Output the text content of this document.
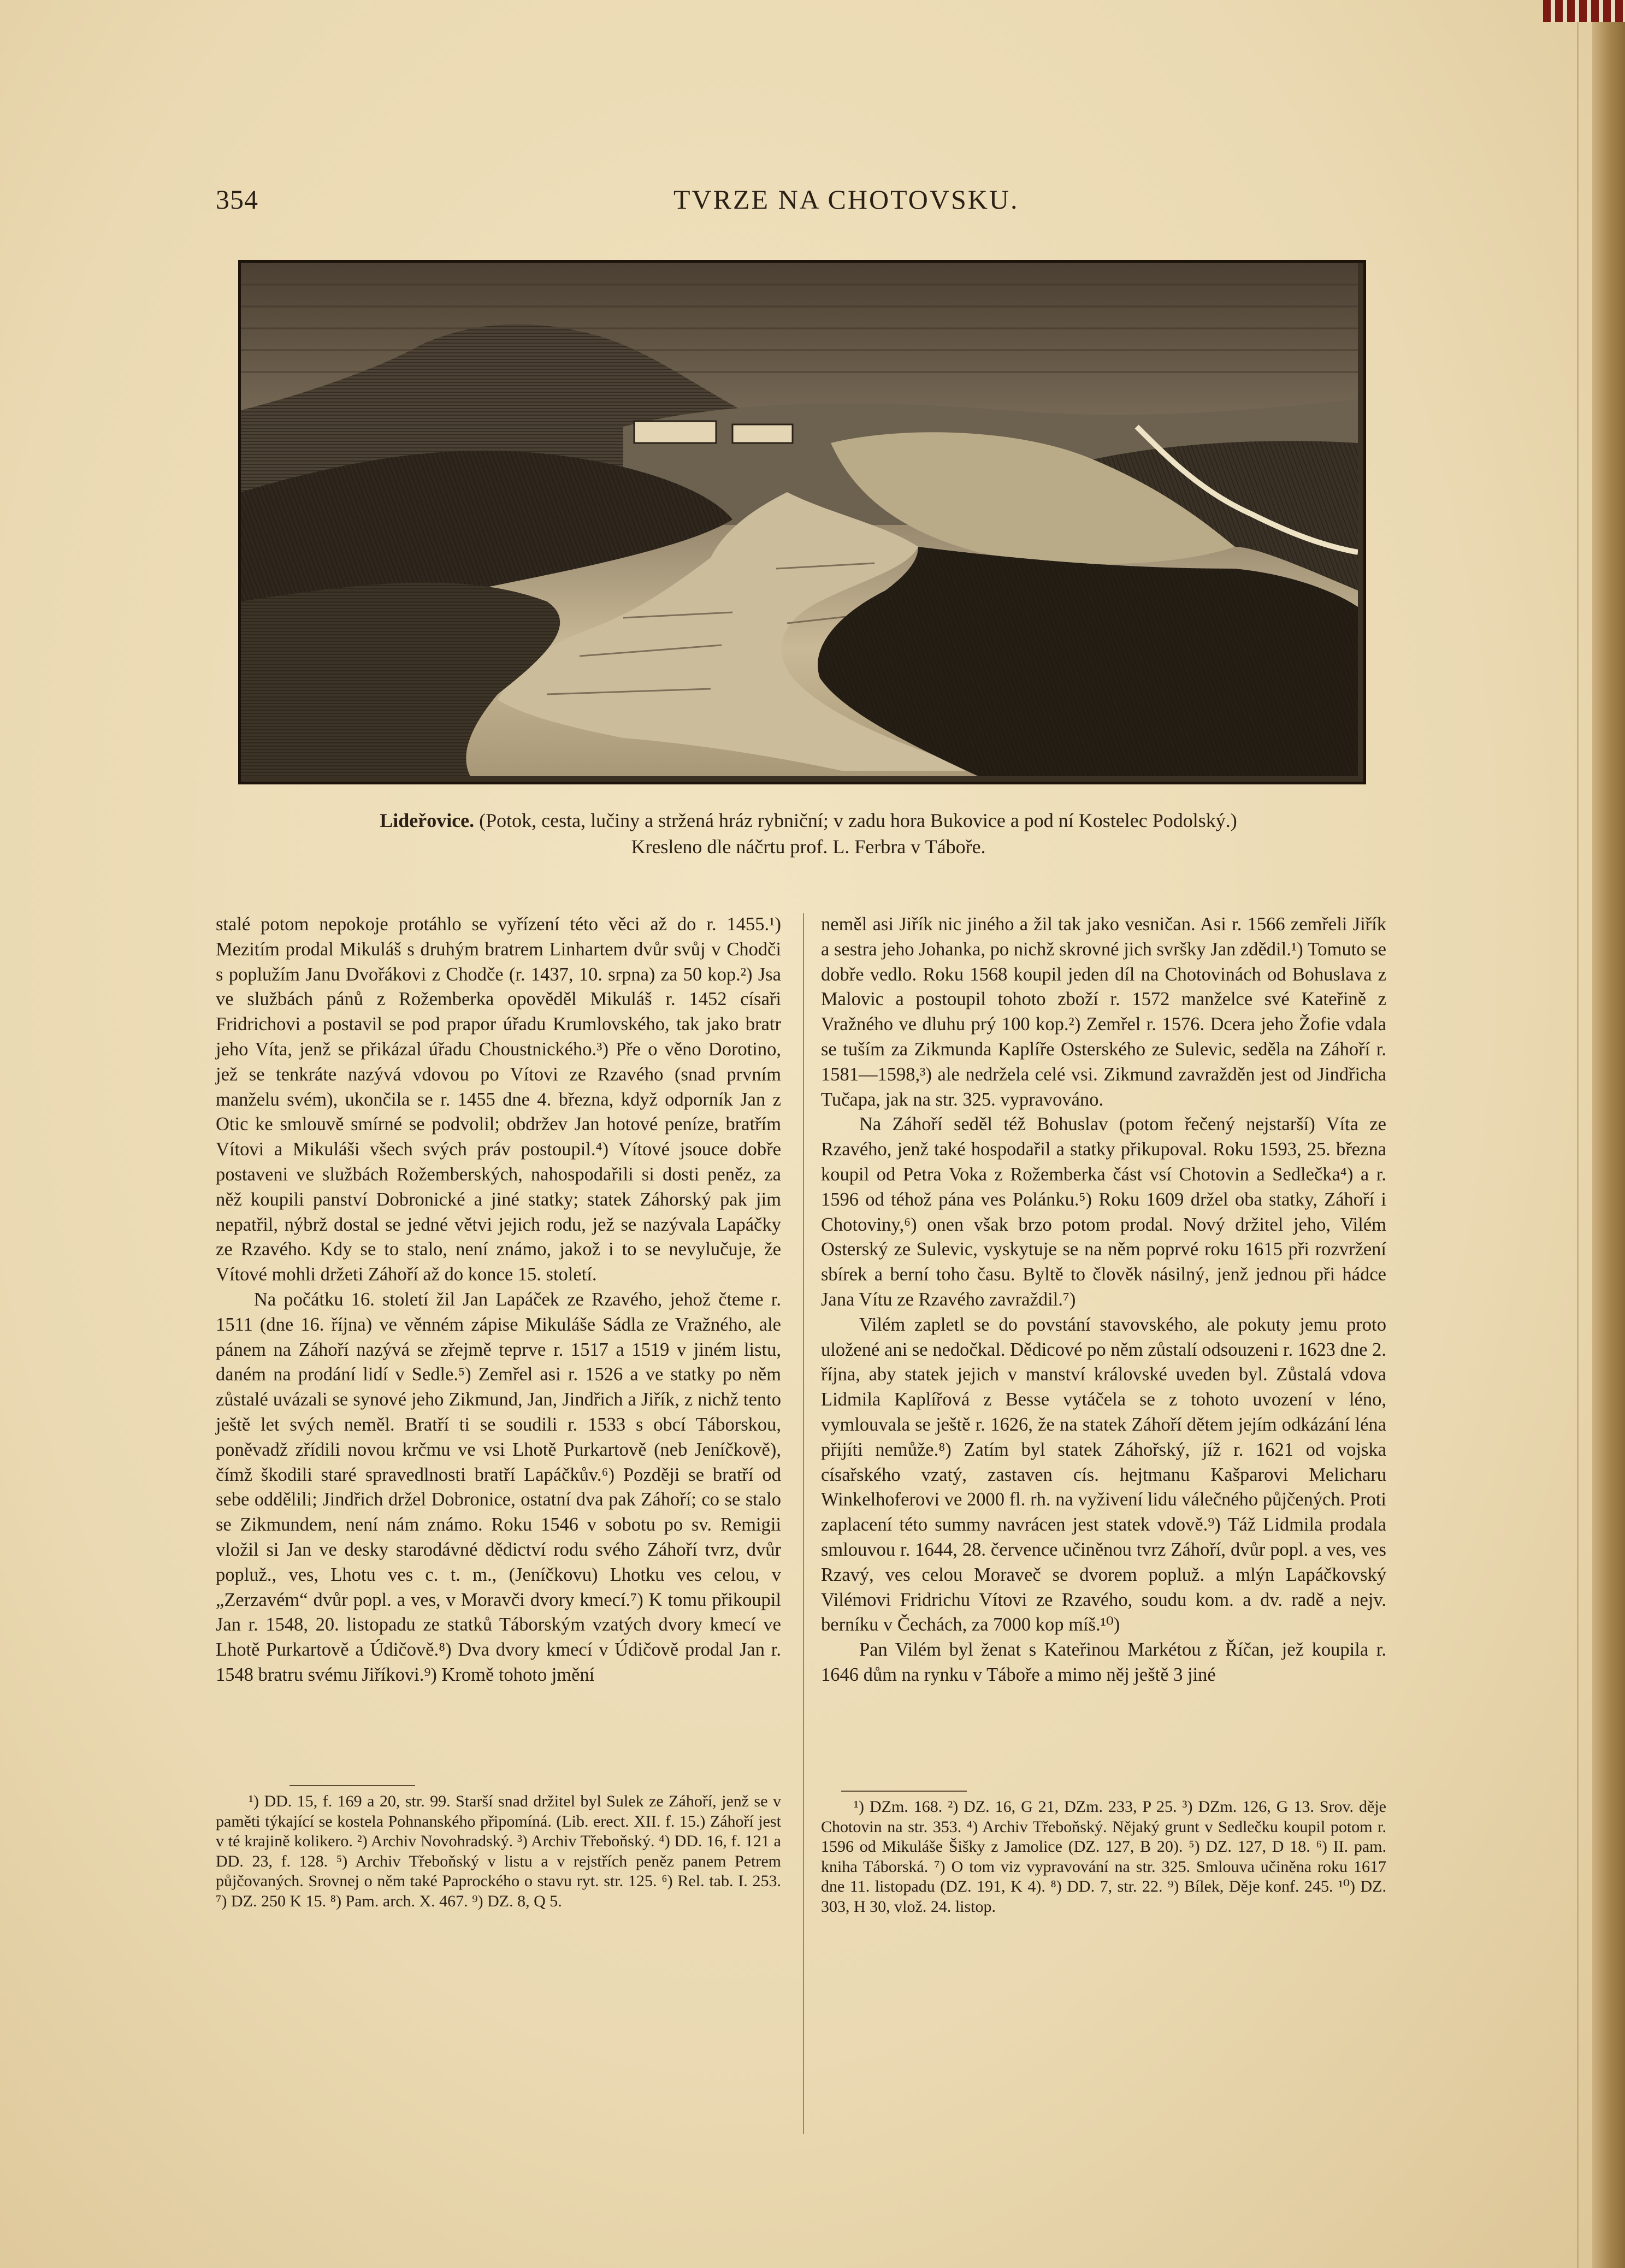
354	TVRZE NA CHOTOVSKU.
Lideřovice. (Potok, cesta, lučiny a stržená hráz rybniční; v zadu hora Bukovice a pod ní Kostelec Podolský.)
Kresleno dle náčrtu prof. L. Ferbra v Táboře.

stalé potom nepokoje protáhlo se vyřízení této věci až do r. 1455.¹) Mezitím prodal Mikuláš s druhým bratrem Linhartem dvůr svůj v Chodči s poplužím Janu Dvořákovi z Chodče (r. 1437, 10. srpna) za 50 kop.²) Jsa ve službách pánů z Rožemberka opověděl Mikuláš r. 1452 císaři Fridrichovi a postavil se pod prapor úřadu Krumlovského, tak jako bratr jeho Víta, jenž se přikázal úřadu Choustnického.³) Pře o věno Dorotino, jež se tenkráte nazývá vdovou po Vítovi ze Rzavého (snad prvním manželu svém), ukončila se r. 1455 dne 4. března, když odporník Jan z Otic ke smlouvě smírné se podvolil; obdržev Jan hotové peníze, bratřím Vítovi a Mikuláši všech svých práv postoupil.⁴) Vítové jsouce dobře postaveni ve službách Rožemberských, nahospodařili si dosti peněz, za něž koupili panství Dobronické a jiné statky; statek Záhorský pak jim nepatřil, nýbrž dostal se jedné větvi jejich rodu, jež se nazývala Lapáčky ze Rzavého. Kdy se to stalo, není známo, jakož i to se nevylučuje, že Vítové mohli držeti Záhoří až do konce 15. století.

Na počátku 16. století žil Jan Lapáček ze Rzavého, jehož čteme r. 1511 (dne 16. října) ve věnném zápise Mikuláše Sádla ze Vražného, ale pánem na Záhoří nazývá se zřejmě teprve r. 1517 a 1519 v jiném listu, daném na prodání lidí v Sedle.⁵) Zemřel asi r. 1526 a ve statky po něm zůstalé uvázali se synové jeho Zikmund, Jan, Jindřich a Jiřík, z nichž tento ještě let svých neměl. Bratří ti se soudili r. 1533 s obcí Táborskou, poněvadž zřídili novou krčmu ve vsi Lhotě Purkartově (neb Jeníčkově), čímž škodili staré spravedlnosti bratří Lapáčkův.⁶) Později se bratří od sebe oddělili; Jindřich držel Dobronice, ostatní dva pak Záhoří; co se stalo se Zikmundem, není nám známo. Roku 1546 v sobotu po sv. Remigii vložil si Jan ve desky starodávné dědictví rodu svého Záhoří tvrz, dvůr popluž., ves, Lhotu ves c. t. m., (Jeníčkovu) Lhotku ves celou, v „Zerzavém“ dvůr popl. a ves, v Moravči dvory kmecí.⁷) K tomu přikoupil Jan r. 1548, 20. listopadu ze statků Táborským vzatých dvory kmecí ve Lhotě Purkartově a Údičově.⁸) Dva dvory kmecí v Údičově prodal Jan r. 1548 bratru svému Jiříkovi.⁹) Kromě tohoto jmění

neměl asi Jiřík nic jiného a žil tak jako vesničan. Asi r. 1566 zemřeli Jiřík a sestra jeho Johanka, po nichž skrovné jich svršky Jan zdědil.¹) Tomuto se dobře vedlo. Roku 1568 koupil jeden díl na Chotovinách od Bohuslava z Malovic a postoupil tohoto zboží r. 1572 manželce své Kateřině z Vražného ve dluhu prý 100 kop.²) Zemřel r. 1576. Dcera jeho Žofie vdala se tuším za Zikmunda Kaplíře Osterského ze Sulevic, seděla na Záhoří r. 1581—1598,³) ale nedržela celé vsi. Zikmund zavražděn jest od Jindřicha Tučapa, jak na str. 325. vypravováno.

Na Záhoří seděl též Bohuslav (potom řečený nejstarší) Víta ze Rzavého, jenž také hospodařil a statky přikupoval. Roku 1593, 25. března koupil od Petra Voka z Rožemberka část vsí Chotovin a Sedlečka⁴) a r. 1596 od téhož pána ves Polánku.⁵) Roku 1609 držel oba statky, Záhoří i Chotoviny,⁶) onen však brzo potom prodal. Nový držitel jeho, Vilém Osterský ze Sulevic, vyskytuje se na něm poprvé roku 1615 při rozvržení sbírek a berní toho času. Byltě to člověk násilný, jenž jednou při hádce Jana Vítu ze Rzavého zavraždil.⁷)

Vilém zapletl se do povstání stavovského, ale pokuty jemu proto uložené ani se nedočkal. Dědicové po něm zůstalí odsouzeni r. 1623 dne 2. října, aby statek jejich v manství královské uveden byl. Zůstalá vdova Lidmila Kaplířová z Besse vytáčela se z tohoto uvození v léno, vymlouvala se ještě r. 1626, že na statek Záhoří dětem jejím odkázání léna přijíti nemůže.⁸) Zatím byl statek Záhořský, jíž r. 1621 od vojska císařského vzatý, zastaven cís. hejtmanu Kašparovi Melicharu Winkelhoferovi ve 2000 fl. rh. na vyživení lidu válečného půjčených. Proti zaplacení této summy navrácen jest statek vdově.⁹) Táž Lidmila prodala smlouvou r. 1644, 28. července učiněnou tvrz Záhoří, dvůr popl. a ves, ves Rzavý, ves celou Moraveč se dvorem popluž. a mlýn Lapáčkovský Vilémovi Fridrichu Vítovi ze Rzavého, soudu kom. a dv. radě a nejv. berníku v Čechách, za 7000 kop míš.¹⁰)

Pan Vilém byl ženat s Kateřinou Markétou z Říčan, jež koupila r. 1646 dům na rynku v Táboře a mimo něj ještě 3 jiné

¹) DD. 15, f. 169 a 20, str. 99. Starší snad držitel byl Sulek ze Záhoří, jenž se v paměti týkající se kostela Pohnanského připomíná. (Lib. erect. XII. f. 15.) Záhoří jest v té krajině kolikero. ²) Archiv Novohradský. ³) Archiv Třeboňský. ⁴) DD. 16, f. 121 a DD. 23, f. 128. ⁵) Archiv Třeboňský v listu a v rejstřích peněz panem Petrem půjčovaných. Srovnej o něm také Paprockého o stavu ryt. str. 125. ⁶) Rel. tab. I. 253. ⁷) DZ. 250 K 15. ⁸) Pam. arch. X. 467. ⁹) DZ. 8, Q 5.

¹) DZm. 168. ²) DZ. 16, G 21, DZm. 233, P 25. ³) DZm. 126, G 13. Srov. děje Chotovin na str. 353. ⁴) Archiv Třeboňský. Nějaký grunt v Sedlečku koupil potom r. 1596 od Mikuláše Šišky z Jamolice (DZ. 127, B 20). ⁵) DZ. 127, D 18. ⁶) II. pam. kniha Táborská. ⁷) O tom viz vypravování na str. 325. Smlouva učiněna roku 1617 dne 11. listopadu (DZ. 191, K 4). ⁸) DD. 7, str. 22. ⁹) Bílek, Děje konf. 245. ¹⁰) DZ. 303, H 30, vlož. 24. listop.
